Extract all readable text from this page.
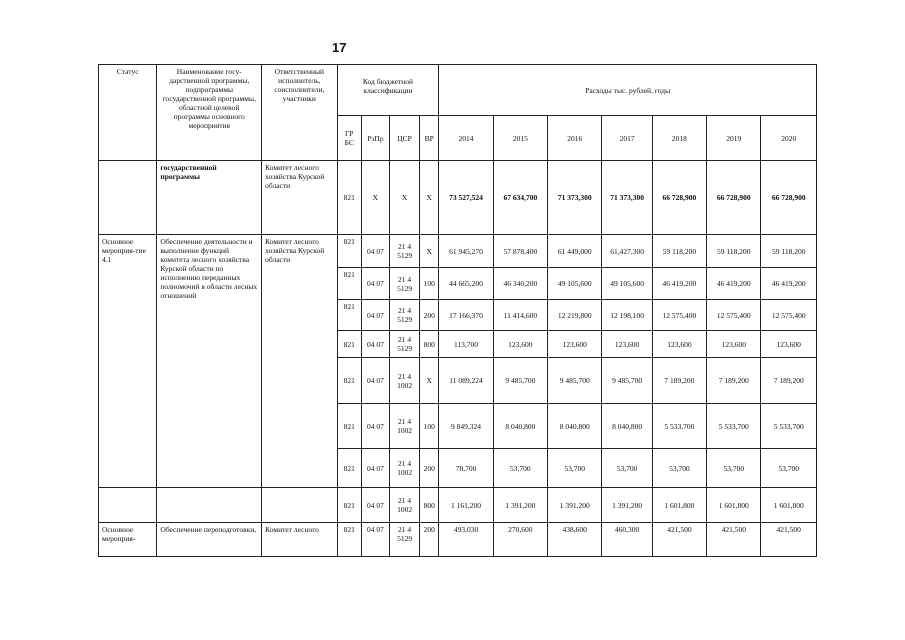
17
Статус	Наименование госу-дарственной программы, подпрограммы государственной программы, областной целевой программы основного мероприятия	Ответственный исполнитель, соисполнители, участники	Код бюджетной классификации				Расходы тыс. рублей, годы						
			ГР БС	РзПр	ЦСР	ВР	2014	2015	2016	2017	2018	2019	2020
	государственной программы	Комитет лесного хозяйства Курской области	821	X	X	X	73 527,524	67 634,700	71 373,300	71 373,300	66 728,900	66 728,900	66 728,900
Основное мероприя-тие 4.1	Обеспечение деятельности и выполнение функций комитета лесного хозяйства Курской области по исполнению переданных полномочий в области лесных отношений	Комитет лесного хозяйства Курской области	821	04 07	21 4 5129	X	61 945,270	57 878,400	61 449,000	61,427,300	59 118,200	59 118,200	59 118,200
			821	04 07	21 4 5129	100	44 665,200	46 340,200	49 105,600	49 105,600	46 419,200	46 419,200	46 419,200
			821	04 07	21 4 5129	200	17 166,370	11 414,600	12 219,800	12 198,100	12 575,400	12 575,400	12 575,400
			821	04 07	21 4 5129	800	113,700	123,600	123,600	123,600	123,600	123,600	123,600
			821	04 07	21 4 1002	X	11 089,224	9 485,700	9 485,700	9 485,700	7 189,200	7 189,200	7 189,200
			821	04 07	21 4 1002	100	9 849,324	8 040,800	8 040,800	8 040,800	5 533,700	5 533,700	5 533,700
			821	04 07	21 4 1002	200	78,700	53,700	53,700	53,700	53,700	53,700	53,700
			821	04 07	21 4 1002	800	1 161,200	1 391,200	1 391,200	1 391,200	1 601,800	1 601,800	1 601,800
Основное мероприя-	Обеспечение переподготовки,	Комитет лесного	821	04 07	21 4 5129	200	493,030	270,600	438,600	460,300	421,500	421,500	421,500
